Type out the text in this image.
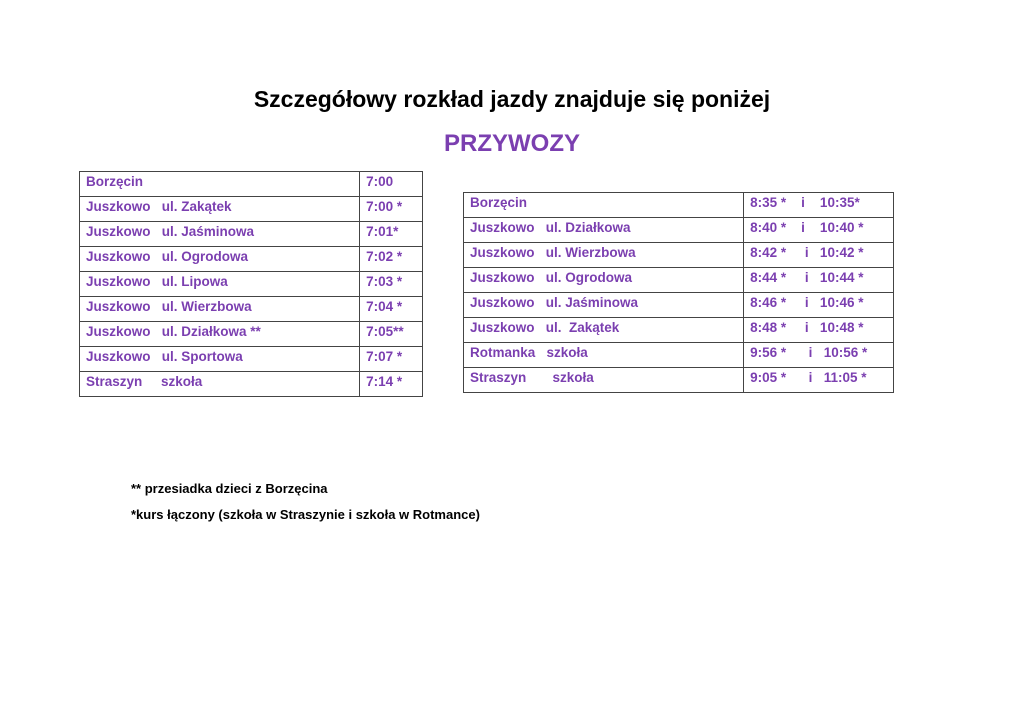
Szczegółowy rozkład jazdy znajduje się poniżej
PRZYWOZY
Borzęcin	7:00
Juszkowo   ul. Zakątek	7:00 *
Juszkowo   ul. Jaśminowa	7:01*
Juszkowo   ul. Ogrodowa	7:02 *
Juszkowo   ul. Lipowa	7:03 *
Juszkowo   ul. Wierzbowa	7:04 *
Juszkowo   ul. Działkowa **	7:05**
Juszkowo   ul. Sportowa	7:07 *
Straszyn     szkoła	7:14 *
Borzęcin	8:35 *    i    10:35*
Juszkowo   ul. Działkowa	8:40 *    i    10:40 *
Juszkowo   ul. Wierzbowa	8:42 *     i   10:42 *
Juszkowo   ul. Ogrodowa	8:44 *     i   10:44 *
Juszkowo   ul. Jaśminowa	8:46 *     i   10:46 *
Juszkowo   ul.  Zakątek	8:48 *     i   10:48 *
Rotmanka   szkoła	9:56 *      i   10:56 *
Straszyn       szkoła	9:05 *      i   11:05 *
** przesiadka dzieci z Borzęcina
*kurs łączony (szkoła w Straszynie i szkoła w Rotmance)
